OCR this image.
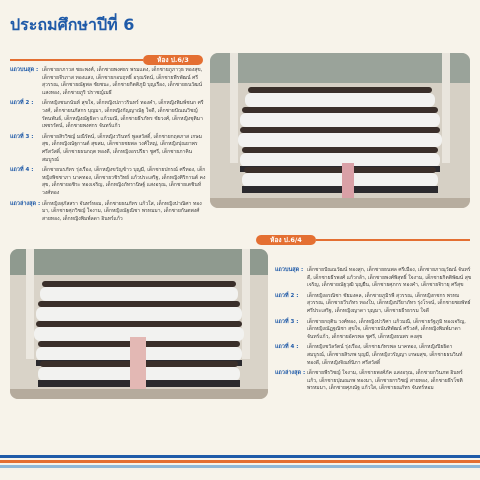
ประถมศึกษาปีที่ 6
ห้อง ป.6/3
แถวบนสุด : เด็กชายกภาวส ชยะพงศ์, เด็กชายพงศธร พรมแดง, เด็กชายภูภาวุธ ทองสุข, เด็กชายจีรภาส ทองแสง, เด็กชายกอบฤทธิ์ อรุณรัตน์, เด็กชายพีรพัฒน์ ศรีสุวรรณ, เด็กชายณัฐพล ชัยชนะ, เด็กชายกิตติภูมิ บุญเรือง, เด็กชายธนวัฒน์ แสงทอง, เด็กชายภูริ ปราชญ์เมธี
แถวที่ 2 :	เด็กหญิงชนกนันท์ สุขใจ, เด็กหญิงปภาวรินทร์ ทองคำ, เด็กหญิงพิมพ์ชนก ศรีวงศ์, เด็กชายนภัสกร บุญมา, เด็กหญิงกัญญาณัฐ ใจดี, เด็กชายปัณณวิชญ์ รัตนพันธ์, เด็กหญิงณัฐธิดา แก้วมณี, เด็กชายธีรภัทร ชัยวงศ์, เด็กหญิงชุติมา เพชรรัตน์, เด็กชายพงศกร จันทร์แก้ว
แถวที่ 3 :	เด็กชายสิรวิชญ์ มณีรัตน์, เด็กหญิงวรินทร์ พูลสวัสดิ์, เด็กชายกฤตภาส เกษมสุข, เด็กหญิงณัฐกานต์ สุขสม, เด็กชายชยพล วงศ์ใหญ่, เด็กหญิงปุณยาพร ศรีสวัสดิ์, เด็กชายธนกฤต ทองดี, เด็กหญิงอรปรียา ชูศรี, เด็กชายภาคิน สมบูรณ์
แถวที่ 4 :	เด็กชายนรภัทร รุ่งเรือง, เด็กหญิงขวัญข้าว บุญมี, เด็กชายปกรณ์ ศรีทอง, เด็กหญิงพิชชาภา นาคทอง, เด็กชายวชิรวิทย์ แก้วประเสริฐ, เด็กหญิงศิริกานต์ คงสุข, เด็กชายอชิระ ทองเจริญ, เด็กหญิงภัทรานิษฐ์ แสงอรุณ, เด็กชายเตชินท์ วงศ์ทอง
แถวล่างสุด : เด็กหญิงสุภัสสรา จันทร์หอม, เด็กชายธนภัทร แก้วใส, เด็กหญิงปาณิศา ทองมา, เด็กชายศุภวิชญ์ ใจงาม, เด็กหญิงณัฐณิชา พรหมมา, เด็กชายกันตพงศ์ สายทอง, เด็กหญิงพิมพ์ลดา อินทร์แก้ว
ห้อง ป.6/4
แถวบนสุด : เด็กชายปัณณวัฒน์ ทองสุก, เด็กชายธนพล ศรีเมือง, เด็กชายภาณุวัฒน์ จันทร์ดี, เด็กชายธีรพงศ์ แก้วกล้า, เด็กชายพงศ์พิสุทธิ์ ใจงาม, เด็กชายกิตติพัฒน์ สุขเจริญ, เด็กชายณัฐวุฒิ บุญยืน, เด็กชายศุภกร ทองคำ, เด็กชายจิรายุ ศรีสุข
แถวที่ 2 :	เด็กหญิงอรณิชา ชัยมงคล, เด็กชายภูมิรพี สุวรรณ, เด็กหญิงกชกร พรหมสุวรรณ, เด็กชายวีรภัทร ทองใบ, เด็กหญิงปรียาภัทร รุ่งโรจน์, เด็กชายชยพัทธ์ ศรีประเสริฐ, เด็กหญิงญาดา บุญมา, เด็กชายธีรธรรม ใจดี
แถวที่ 3 :	เด็กชายกฤติน วงศ์ทอง, เด็กหญิงปวริศา แก้วมณี, เด็กชายรัฐภูมิ ทองเจริญ, เด็กหญิงณัฏฐณิชา สุขใจ, เด็กชายนันทิพัฒน์ ศรีวงศ์, เด็กหญิงพิมพ์มาดา จันทร์แก้ว, เด็กชายอัครพล ชูศรี, เด็กหญิงธนพร คงสุข
แถวที่ 4 :	เด็กหญิงชวัลรัตน์ รุ่งเรือง, เด็กชายภัทรพล นาคทอง, เด็กหญิงปิยธิดา สมบูรณ์, เด็กชายสิรภพ บุญมี, เด็กหญิงวรัญญา เกษมสุข, เด็กชายธนวินท์ ทองดี, เด็กหญิงจิณห์นิภา ศรีสวัสดิ์
แถวล่างสุด : เด็กชายพีรวิชญ์ ใจงาม, เด็กชายพงศ์ภัค แสงอรุณ, เด็กชายกวินภพ อินทร์แก้ว, เด็กชายปุณณภพ ทองมา, เด็กชายกรวิชญ์ สายทอง, เด็กชายธีรโชติ พรหมมา, เด็กชายศุภณัฐ แก้วใส, เด็กชายณภัทร จันทร์หอม
